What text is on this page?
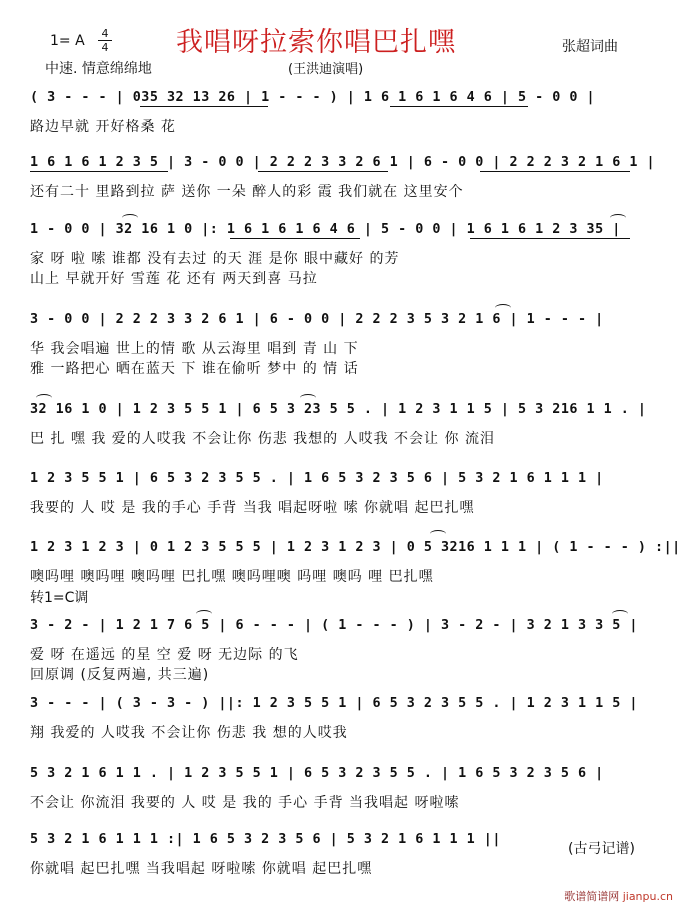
1= A	4
4	我唱呀拉索你唱巴扎嘿	张超词曲
中速. 情意绵绵地	(王洪迪演唱)
( 3 - - - | 035 32 13 26 | 1 - - - ) | 1 6 1 6 1 6 4 6 | 5 - 0 0 |
路边早就 开好格桑 花
1 6 1 6 1 2 3 5 | 3 - 0 0 | 2 2 2 3 3 2 6 1 | 6 - 0 0 | 2 2 2 3 2 1 6 1 |
还有二十 里路到拉 萨 送你 一朵 醉人的彩 霞 我们就在 这里安个
1 - 0 0 | 32 16 1 0 |: 1 6 1 6 1 6 4 6 | 5 - 0 0 | 1 6 1 6 1 2 3 35 |
家 呀 啦 嗦 谁都 没有去过 的天 涯 是你 眼中藏好 的芳
山上 早就开好 雪莲 花 还有 两天到喜 马拉
3 - 0 0 | 2 2 2 3 3 2 6 1 | 6 - 0 0 | 2 2 2 3 5 3 2 1 6 | 1 - - - |
华 我会唱遍 世上的情 歌 从云海里 唱到 青 山 下
雅 一路把心 晒在蓝天 下 谁在偷听 梦中 的 情 话
32 16 1 0 | 1 2 3 5 5 1 | 6 5 3 23 5 5 . | 1 2 3 1 1 5 | 5 3 216 1 1 . |
巴 扎 嘿 我 爱的人哎我 不会让你 伤悲 我想的 人哎我 不会让 你 流泪
1 2 3 5 5 1 | 6 5 3 2 3 5 5 . | 1 6 5 3 2 3 5 6 | 5 3 2 1 6 1 1 1 |
我要的 人 哎 是 我的手心 手背 当我 唱起呀啦 嗦 你就唱 起巴扎嘿
1 2 3 1 2 3 | 0 1 2 3 5 5 5 | 1 2 3 1 2 3 | 0 5 3216 1 1 1 | ( 1 - - - ) :||
噢吗哩 噢吗哩 噢吗哩 巴扎嘿 噢吗哩噢 吗哩 噢吗 哩 巴扎嘿
转1=C调
3 - 2 - | 1 2 1 7 6 5 | 6 - - - | ( 1 - - - ) | 3 - 2 - | 3 2 1 3 3 5 |
爱 呀 在遥远 的星 空 爱 呀 无边际 的飞
回原调 (反复两遍, 共三遍)
3 - - - | ( 3 - 3 - ) ||: 1 2 3 5 5 1 | 6 5 3 2 3 5 5 . | 1 2 3 1 1 5 |
翔 我爱的 人哎我 不会让你 伤悲 我 想的人哎我
5 3 2 1 6 1 1 . | 1 2 3 5 5 1 | 6 5 3 2 3 5 5 . | 1 6 5 3 2 3 5 6 |
不会让 你流泪 我要的 人 哎 是 我的 手心 手背 当我唱起 呀啦嗦
5 3 2 1 6 1 1 1 :| 1 6 5 3 2 3 5 6 | 5 3 2 1 6 1 1 1 ||
你就唱 起巴扎嘿 当我唱起 呀啦嗦 你就唱 起巴扎嘿
(古弓记谱)
歌谱简谱网 jianpu.cn
